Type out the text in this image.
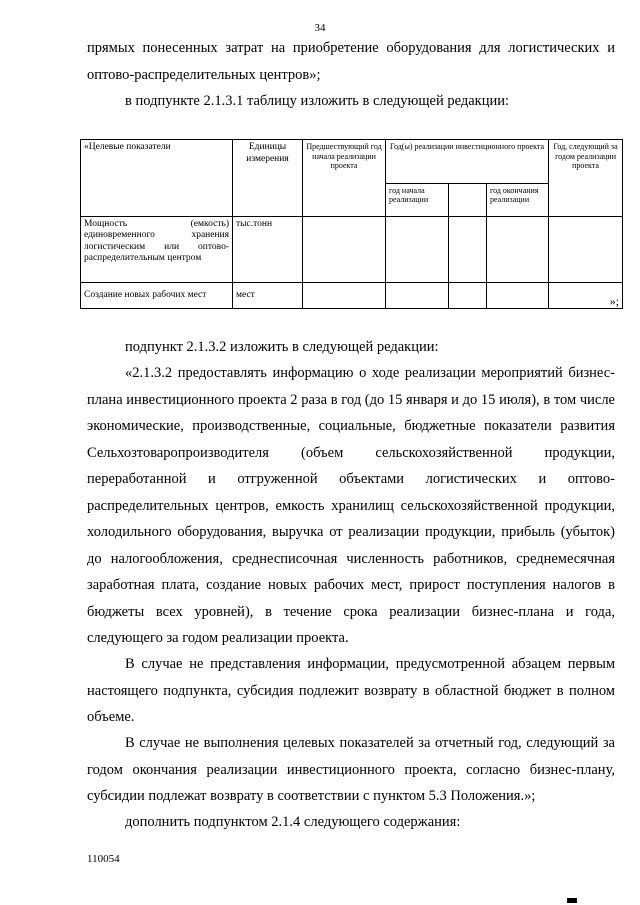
34

прямых понесенных затрат на приобретение оборудования для логистических и оптово-распределительных центров»;

в подпункте 2.1.3.1 таблицу изложить в следующей редакции:

«Целевые показатели	Единицы измерения	Предшествующий год начала реализации проекта	Год(ы) реализации инвестиционного проекта			Год, следующий за годом реализации проекта
			год начала реализации		год окончания реализации	

Мощность (емкость)
единовременного хранения
логистическим или оптово-
распределительным центром	тыс.тонн					
Создание новых рабочих мест	мест					»;

подпункт 2.1.3.2 изложить в следующей редакции:

«2.1.3.2 предоставлять информацию о ходе реализации мероприятий бизнес-плана инвестиционного проекта 2 раза в год (до 15 января и до 15 июля), в том числе экономические, производственные, социальные, бюджетные показатели развития Сельхозтоваропроизводителя (объем сельскохозяйственной продукции, переработанной и отгруженной объектами логистических и оптово-распределительных центров, емкость хранилищ сельскохозяйственной продукции, холодильного оборудования, выручка от реализации продукции, прибыль (убыток) до налогообложения, среднесписочная численность работников, среднемесячная заработная плата, создание новых рабочих мест, прирост поступления налогов в бюджеты всех уровней), в течение срока реализации бизнес-плана и года, следующего за годом реализации проекта.

В случае не представления информации, предусмотренной абзацем первым настоящего подпункта, субсидия подлежит возврату в областной бюджет в полном объеме.

В случае не выполнения целевых показателей за отчетный год, следующий за годом окончания реализации инвестиционного проекта, согласно бизнес-плану, субсидии подлежат возврату в соответствии с пунктом 5.3 Положения.»;

дополнить подпунктом 2.1.4 следующего содержания:

110054
